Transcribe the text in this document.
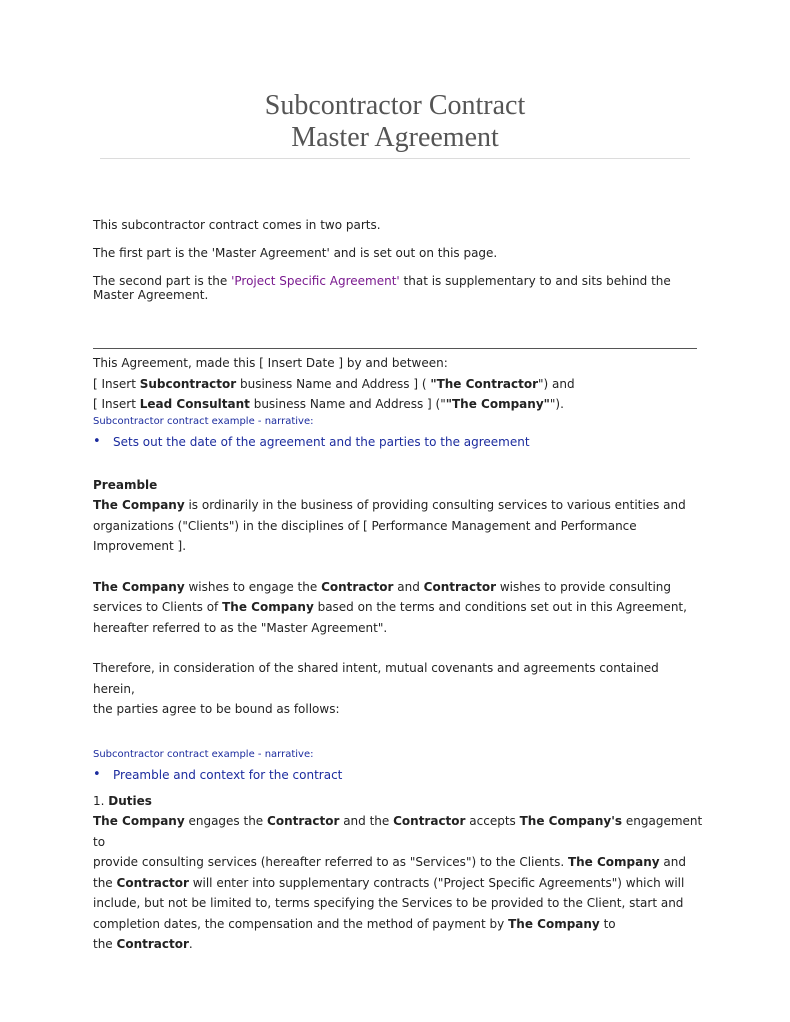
Subcontractor Contract
Master Agreement

This subcontractor contract comes in two parts.

The first part is the 'Master Agreement' and is set out on this page.

The second part is the 'Project Specific Agreement' that is supplementary to and sits behind the

Master Agreement.

This Agreement, made this [ Insert Date ] by and between:

[ Insert Subcontractor business Name and Address ] ( "The Contractor") and

[ Insert Lead Consultant business Name and Address ] (""The Company"").

Subcontractor contract example - narrative:

• Sets out the date of the agreement and the parties to the agreement

Preamble

The Company is ordinarily in the business of providing consulting services to various entities and

organizations ("Clients") in the disciplines of [ Performance Management and Performance

Improvement ].

The Company wishes to engage the Contractor and Contractor wishes to provide consulting

services to Clients of The Company based on the terms and conditions set out in this Agreement,

hereafter referred to as the "Master Agreement".

Therefore, in consideration of the shared intent, mutual covenants and agreements contained herein,

the parties agree to be bound as follows:

Subcontractor contract example - narrative:

• Preamble and context for the contract

1. Duties

The Company engages the Contractor and the Contractor accepts The Company's engagement to

provide consulting services (hereafter referred to as "Services") to the Clients. The Company and

the Contractor will enter into supplementary contracts ("Project Specific Agreements") which will

include, but not be limited to, terms specifying the Services to be provided to the Client, start and

completion dates, the compensation and the method of payment by The Company to

the Contractor.
